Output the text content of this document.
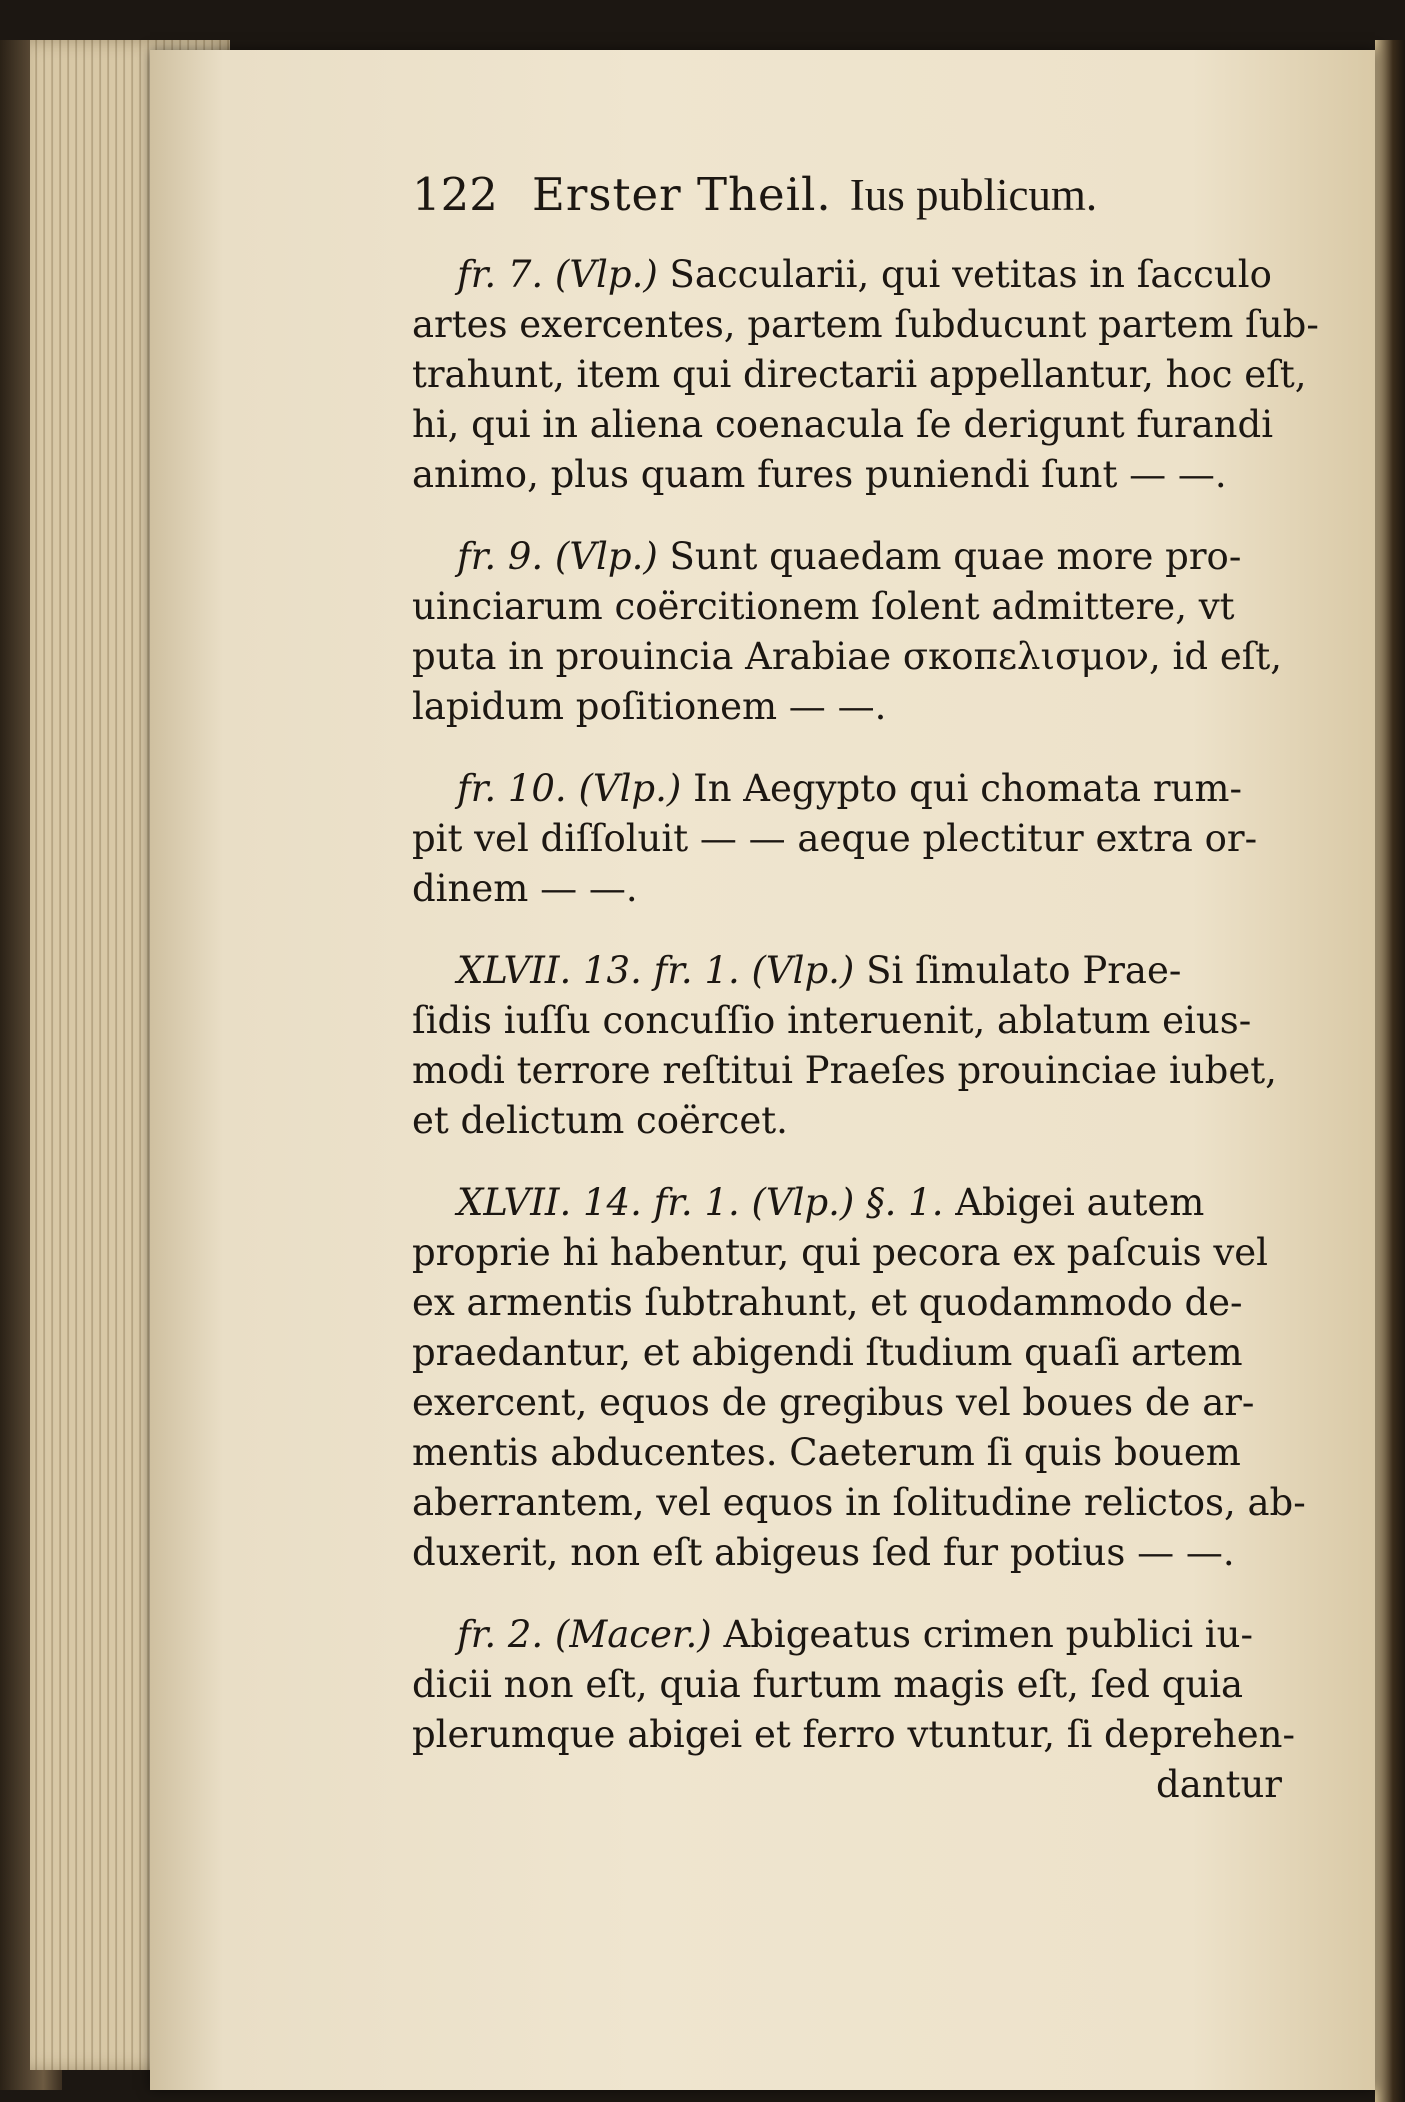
122 Erster Theil. Ius publicum.
fr. 7. (Vlp.) Saccularii, qui vetitas in ſacculo
artes exercentes, partem ſubducunt partem ſub-
trahunt, item qui directarii appellantur, hoc eſt,
hi, qui in aliena coenacula ſe derigunt furandi
animo, plus quam fures puniendi ſunt — —.
fr. 9. (Vlp.) Sunt quaedam quae more pro-
uinciarum coërcitionem ſolent admittere, vt
puta in prouincia Arabiae σκοπελισμον, id eſt,
lapidum poſitionem — —.
fr. 10. (Vlp.) In Aegypto qui chomata rum-
pit vel diſſoluit — — aeque plectitur extra or-
dinem — —.
XLVII. 13. fr. 1. (Vlp.) Si ſimulato Prae-
ſidis iuſſu concuſſio interuenit, ablatum eius-
modi terrore reſtitui Praeſes prouinciae iubet,
et delictum coërcet.
XLVII. 14. fr. 1. (Vlp.) §. 1. Abigei autem
proprie hi habentur, qui pecora ex paſcuis vel
ex armentis ſubtrahunt, et quodammodo de-
praedantur, et abigendi ſtudium quaſi artem
exercent, equos de gregibus vel boues de ar-
mentis abducentes. Caeterum ſi quis bouem
aberrantem, vel equos in ſolitudine relictos, ab-
duxerit, non eſt abigeus ſed fur potius — —.
fr. 2. (Macer.) Abigeatus crimen publici iu-
dicii non eſt, quia furtum magis eſt, ſed quia
plerumque abigei et ferro vtuntur, ſi deprehen-
dantur
